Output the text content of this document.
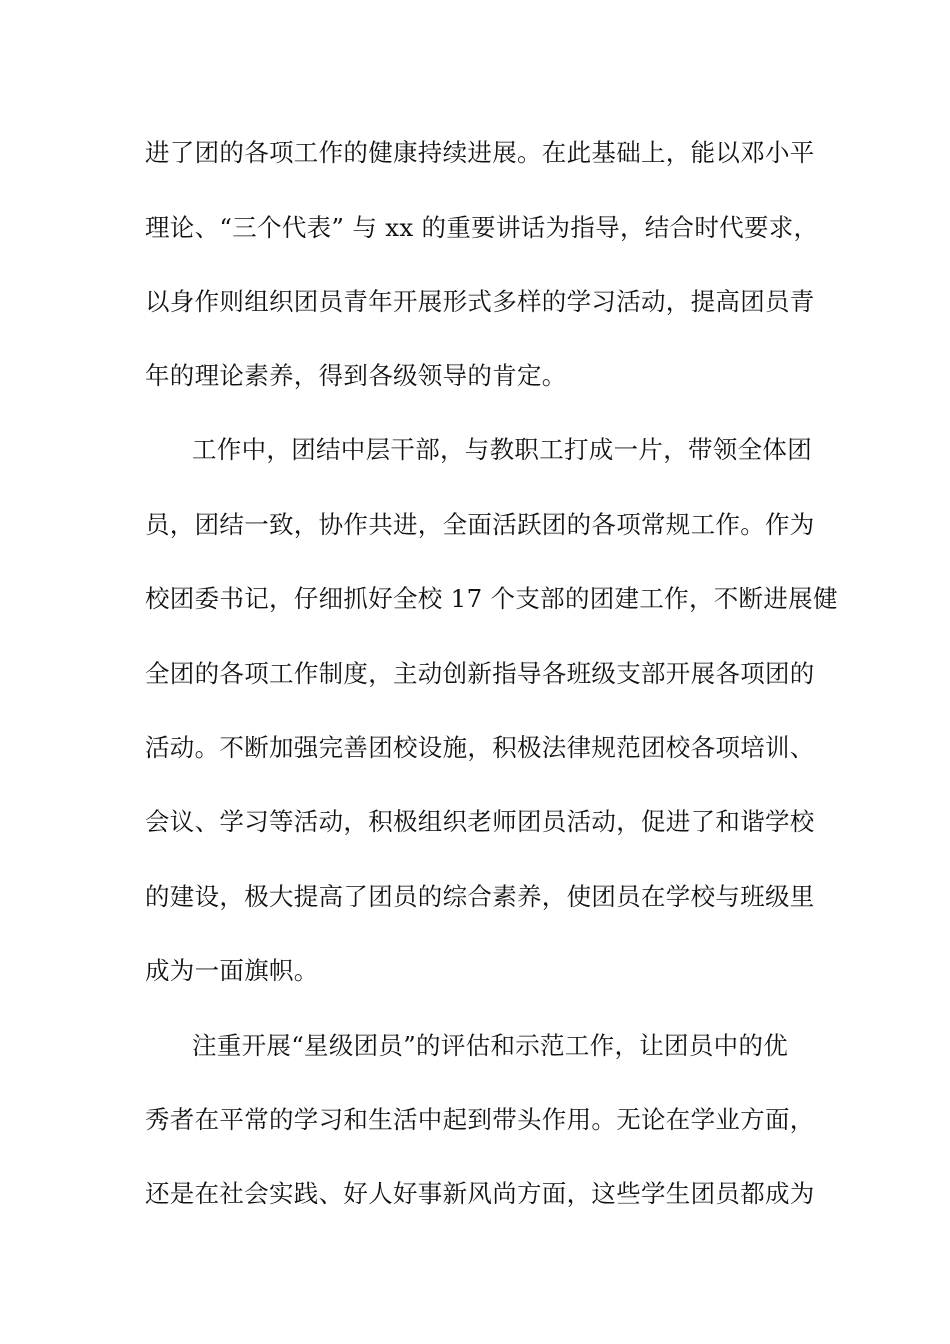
进了团的各项工作的健康持续进展。在此基础上，能以邓小平
理论、“三个代表” 与 xx 的重要讲话为指导，结合时代要求，
以身作则组织团员青年开展形式多样的学习活动，提高团员青
年的理论素养，得到各级领导的肯定。
工作中，团结中层干部，与教职工打成一片，带领全体团
员，团结一致，协作共进，全面活跃团的各项常规工作。作为
校团委书记，仔细抓好全校 17 个支部的团建工作，不断进展健
全团的各项工作制度，主动创新指导各班级支部开展各项团的
活动。不断加强完善团校设施，积极法律规范团校各项培训、
会议、学习等活动，积极组织老师团员活动，促进了和谐学校
的建设，极大提高了团员的综合素养，使团员在学校与班级里
成为一面旗帜。
注重开展“星级团员”的评估和示范工作，让团员中的优
秀者在平常的学习和生活中起到带头作用。无论在学业方面，
还是在社会实践、好人好事新风尚方面，这些学生团员都成为
